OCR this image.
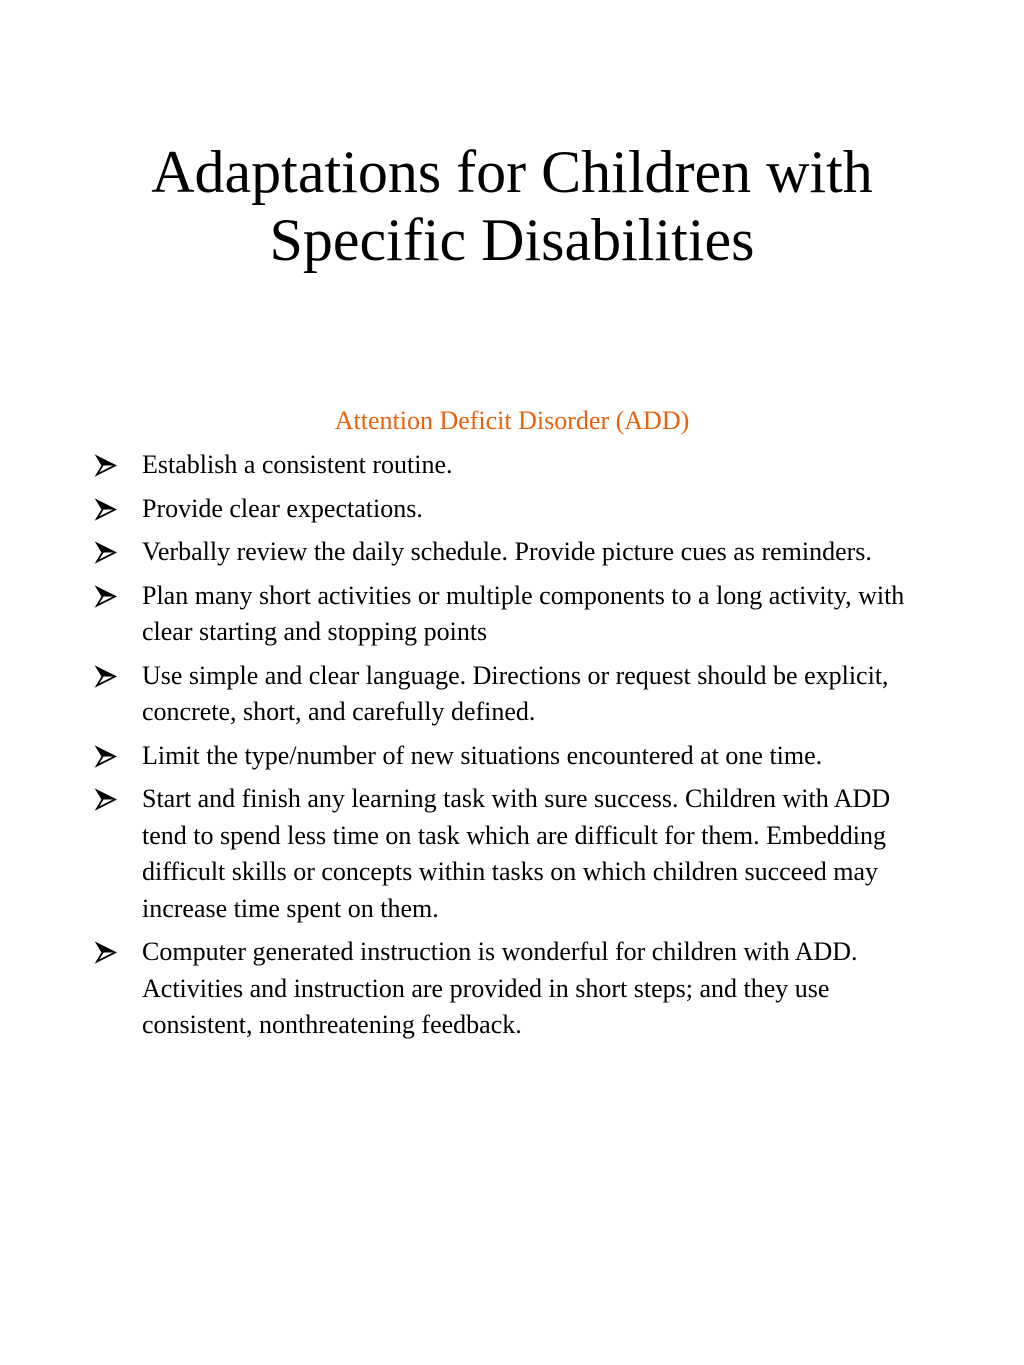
Adaptations for Children with Specific Disabilities

Attention Deficit Disorder (ADD)

Establish a consistent routine.
Provide clear expectations.
Verbally review the daily schedule. Provide picture cues as reminders.
Plan many short activities or multiple components to a long activity, with clear starting and stopping points
Use simple and clear language. Directions or request should be explicit, concrete, short, and carefully defined.
Limit the type/number of new situations encountered at one time.
Start and finish any learning task with sure success. Children with ADD tend to spend less time on task which are difficult for them. Embedding difficult skills or concepts within tasks on which children succeed may increase time spent on them.
Computer generated instruction is wonderful for children with ADD. Activities and instruction are provided in short steps; and they use consistent, nonthreatening feedback.
